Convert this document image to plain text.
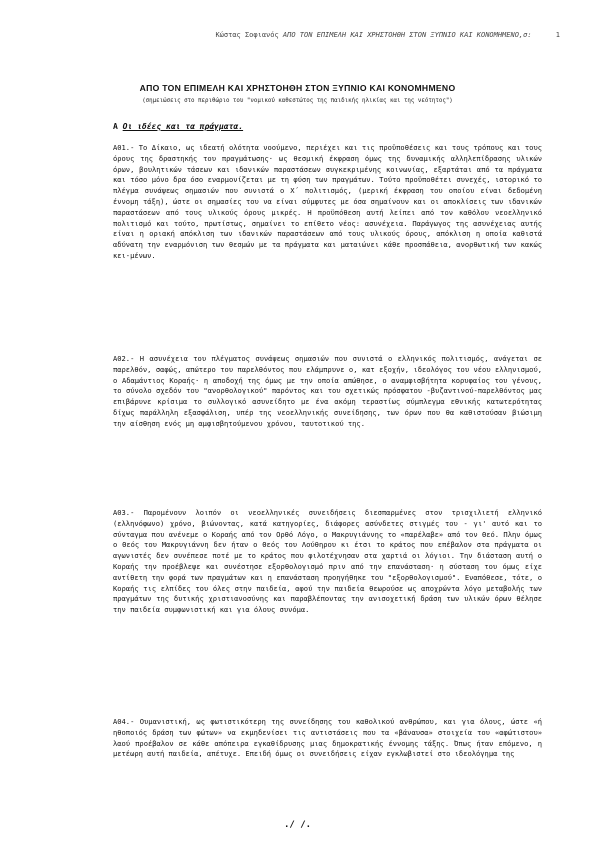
Κώστας Σοφιανός ΑΠΟ ΤΟΝ ΕΠΙΜΕΛΗ ΚΑΙ ΧΡΗΣΤΟΗΘΗ ΣΤΟΝ ΞΥΠΝΙΟ ΚΑΙ ΚΟΝΟΜΗΜΕΝΟ,σ:	1
ΑΠΟ ΤΟΝ ΕΠΙΜΕΛΗ ΚΑΙ ΧΡΗΣΤΟΗΘΗ ΣΤΟΝ ΞΥΠΝΙΟ ΚΑΙ ΚΟΝΟΜΗΜΕΝΟ
(σημειώσεις στο περιθώριο του "νομικού καθεστώτος της παιδικής ηλικίας και της νεότητος")
Α Οι ιδέες και τα πράγματα.
Α01.- Το Δίκαιο, ως ιδεατή ολότητα νοούμενο, περιέχει και τις προϋποθέσεις και τους τρόπους και τους όρους της δραστηκής του πραγμάτωσης· ως θεσμική έκφραση όμως της δυναμικής αλληλεπίδρασης υλικών όρων, βουλητικών τάσεων και ιδανικών παραστάσεων συγκεκριμένης κοινωνίας, εξαρτάται από τα πράγματα και τόσο μόνο δρα όσο εναρμονίζεται με τη φύση των πραγμάτων. Τούτο προϋποθέτει συνεχές, ιστορικό το πλέγμα συνάψεως σημασιών που συνιστά ο Χ΄ πολιτισμός, (μερική έκφραση του οποίου είναι δεδομένη έννομη τάξη), ώστε οι σημασίες του να είναι σύμφυτες με όσα σημαίνουν και οι αποκλίσεις των ιδανικών παραστάσεων από τους υλικούς όρους μικρές. Η προϋπόθεση αυτή λείπει από τον καθόλου νεοελληνικό πολιτισμό και τούτο, πρωτίστως, σημαίνει το επίθετο νέος: ασυνέχεια. Παράγωγος της ασυνέχειας αυτής είναι η οριακή απόκλιση των ιδανικών παραστάσεων από τους υλικούς όρους, απόκλιση η οποία καθιστά αδύνατη την εναρμόνιση των θεσμών με τα πράγματα και ματαιώνει κάθε προσπάθεια, ανορθωτική των κακώς κει-μένων.
Α02.- Η ασυνέχεια του πλέγματος συνάψεως σημασιών που συνιστά ο ελληνικός πολιτισμός, ανάγεται σε παρελθόν, σαφώς, απώτερο του παρελθόντος που ελάμπρυνε ο, κατ εξοχήν, ιδεολόγος του νέου ελληνισμού, ο Αδαμάντιος Κοραής· η αποδοχή της όμως με την οποία απώθησε, ο αναμφισβήτητα κορυφαίος του γένους, το σύνολο σχεδόν του "ανορθολογικού" παρόντος και του σχετικώς πρόσφατου -βυζαντινού-παρελθόντος μας επιβάρυνε κρίσιμα το συλλογικό ασυνείδητο με ένα ακόμη τεραστίως σύμπλεγμα εθνικής κατωτερότητας δίχως παράλληλη εξασφάλιση, υπέρ της νεοελληνικής συνείδησης, των όρων που θα καθιστούσαν βιώσιμη την αίσθηση ενός μη αμφισβητούμενου χρόνου, ταυτοτικού της.
Α03.- Παρομένουν λοιπόν οι νεοελληνικές συνειδήσεις διεσπαρμένες στον τρισχιλιετή ελληνικό (ελληνόφωνο) χρόνο, βιώνοντας, κατά κατηγορίες, διάφορες ασύνδετες στιγμές του - γι' αυτό και το σύνταγμα που ανένεμε ο Κοραής από τον Ορθό Λόγο, ο Μακρυγιάννης το «παρέλαβε» από τον Θεό. Πλην όμως ο Θεός του Μακρυγιάννη δεν ήταν ο Θεός του Λούθηρου κι έτσι το κράτος που επέβαλον στα πράγματα οι αγωνιστές δεν συνέπεσε ποτέ με το κράτος που φιλοτέχνησαν στα χαρτιά οι λόγιοι. Την διάσταση αυτή ο Κοραής την προέβλεψε και συνέστησε εξορθολογισμό πριν από την επανάσταση· η σύσταση του όμως είχε αντίθετη την φορά των πραγμάτων και η επανάσταση προηγήθηκε του "εξορθολογισμού". Εναπόθεσε, τότε, ο Κοραής τις ελπίδες του όλες στην παιδεία, αφού την παιδεία θεωρούσε ως αποχρώντα λόγο μεταβολής των πραγμάτων της δυτικής χριστιανοσύνης και παραβλέποντας την ανισοχετική δράση των υλικών όρων θέλησε την παιδεία συμφωνιστική και για όλους συνόμα.
Α04.- Ουμανιστική, ως φωτιστικότερη της συνείδησης του καθολικού ανθρώπου, και για όλους, ώστε «ή ηθοποιός δράση των φώτων» να εκμηδενίσει τις αντιστάσεις που τα «βάναυσα» στοιχεία του «αφώτιστου» λαού προέβαλον σε κάθε απόπειρα εγκαθίδρυσης μιας δημοκρατικής έννομης τάξης. Όπως ήταν επόμενο, η μετέωρη αυτή παιδεία, απέτυχε. Επειδή όμως οι συνειδήσεις είχαν εγκλωβιστεί στο ιδεολόγημα της
./ /.
